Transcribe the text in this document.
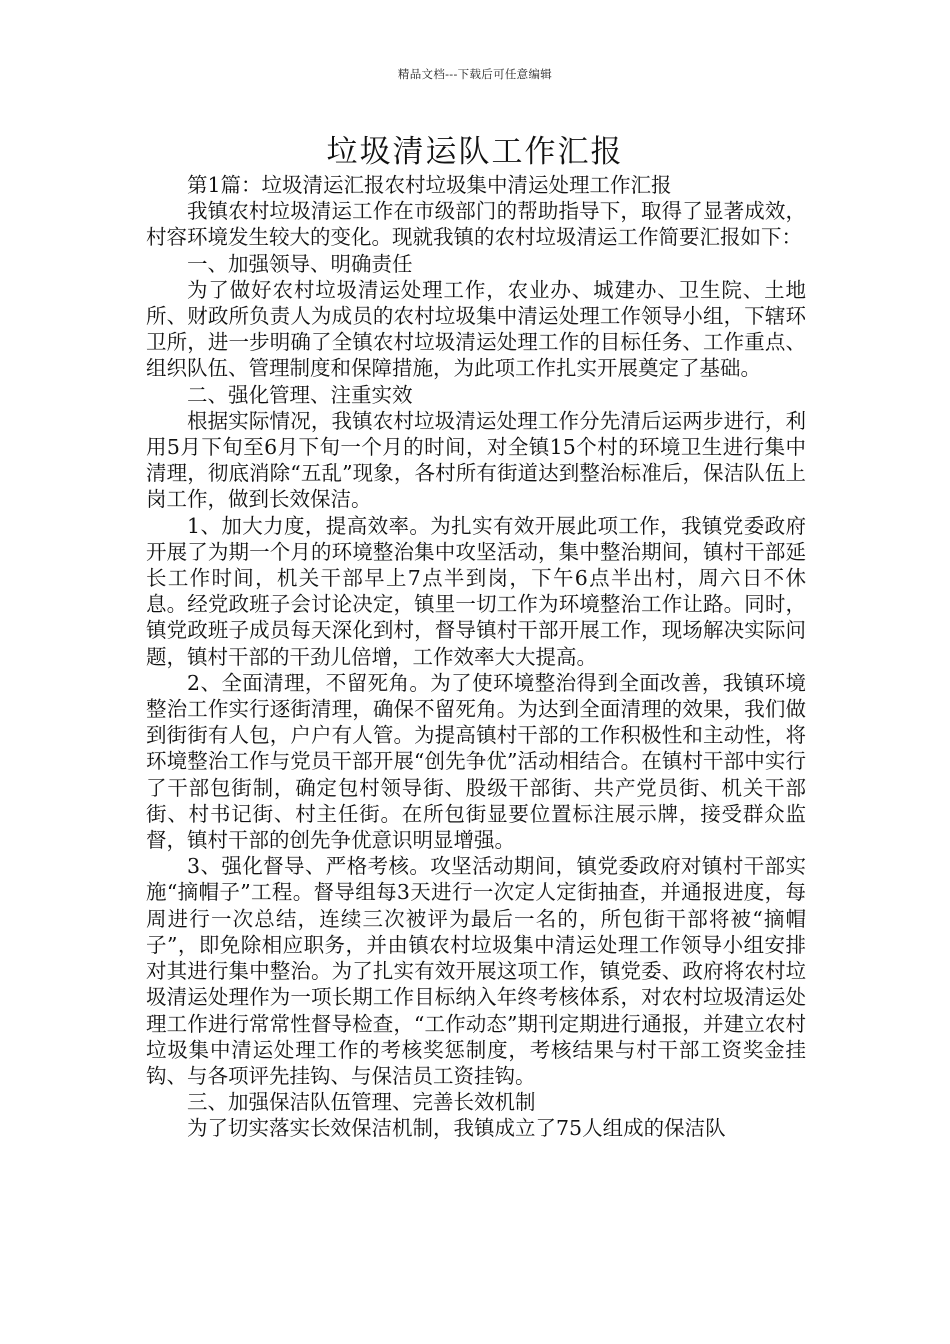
精品文档---下载后可任意编辑
垃圾清运队工作汇报

第1篇：垃圾清运汇报农村垃圾集中清运处理工作汇报

我镇农村垃圾清运工作在市级部门的帮助指导下，取得了显著成效，村容环境发生较大的变化。现就我镇的农村垃圾清运工作简要汇报如下：

一、加强领导、明确责任

为了做好农村垃圾清运处理工作，农业办、城建办、卫生院、土地所、财政所负责人为成员的农村垃圾集中清运处理工作领导小组，下辖环卫所，进一步明确了全镇农村垃圾清运处理工作的目标任务、工作重点、组织队伍、管理制度和保障措施，为此项工作扎实开展奠定了基础。

二、强化管理、注重实效

根据实际情况，我镇农村垃圾清运处理工作分先清后运两步进行，利用5月下旬至6月下旬一个月的时间，对全镇15个村的环境卫生进行集中清理，彻底消除“五乱”现象，各村所有街道达到整治标准后，保洁队伍上岗工作，做到长效保洁。

1、加大力度，提高效率。为扎实有效开展此项工作，我镇党委政府开展了为期一个月的环境整治集中攻坚活动，集中整治期间，镇村干部延长工作时间，机关干部早上7点半到岗，下午6点半出村，周六日不休息。经党政班子会讨论决定，镇里一切工作为环境整治工作让路。同时，镇党政班子成员每天深化到村，督导镇村干部开展工作，现场解决实际问题，镇村干部的干劲儿倍增，工作效率大大提高。

2、全面清理，不留死角。为了使环境整治得到全面改善，我镇环境整治工作实行逐街清理，确保不留死角。为达到全面清理的效果，我们做到街街有人包，户户有人管。为提高镇村干部的工作积极性和主动性，将环境整治工作与党员干部开展“创先争优”活动相结合。在镇村干部中实行了干部包街制，确定包村领导街、股级干部街、共产党员街、机关干部街、村书记街、村主任街。在所包街显要位置标注展示牌，接受群众监督，镇村干部的创先争优意识明显增强。

3、强化督导、严格考核。攻坚活动期间，镇党委政府对镇村干部实施“摘帽子”工程。督导组每3天进行一次定人定街抽查，并通报进度，每周进行一次总结，连续三次被评为最后一名的，所包街干部将被“摘帽子”，即免除相应职务，并由镇农村垃圾集中清运处理工作领导小组安排对其进行集中整治。为了扎实有效开展这项工作，镇党委、政府将农村垃圾清运处理作为一项长期工作目标纳入年终考核体系，对农村垃圾清运处理工作进行常常性督导检查，“工作动态”期刊定期进行通报，并建立农村垃圾集中清运处理工作的考核奖惩制度，考核结果与村干部工资奖金挂钩、与各项评先挂钩、与保洁员工资挂钩。

三、加强保洁队伍管理、完善长效机制

为了切实落实长效保洁机制，我镇成立了75人组成的保洁队
